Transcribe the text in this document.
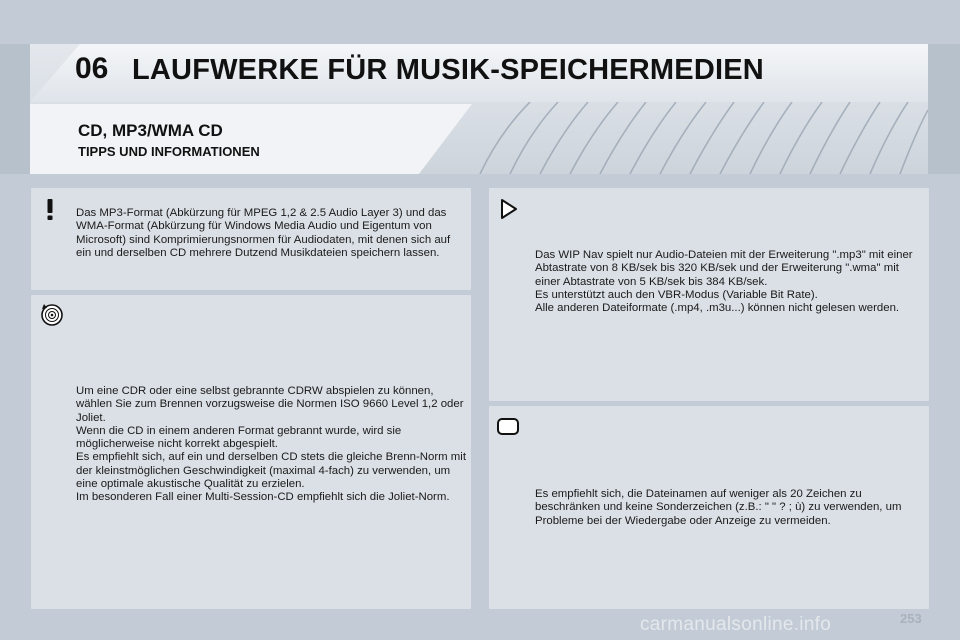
06 LAUFWERKE FÜR MUSIK-SPEICHERMEDIEN
CD, MP3/WMA CD
TIPPS UND INFORMATIONEN

Das MP3-Format (Abkürzung für MPEG 1,2 & 2.5 Audio Layer 3) und das WMA-Format (Abkürzung für Windows Media Audio und Eigentum von Microsoft) sind Komprimierungsnormen für Audiodaten, mit denen sich auf ein und derselben CD mehrere Dutzend Musikdateien speichern lassen.

Um eine CDR oder eine selbst gebrannte CDRW abspielen zu können, wählen Sie zum Brennen vorzugsweise die Normen ISO 9660 Level 1,2 oder Joliet.
Wenn die CD in einem anderen Format gebrannt wurde, wird sie möglicherweise nicht korrekt abgespielt.
Es empfiehlt sich, auf ein und derselben CD stets die gleiche Brenn-Norm mit der kleinstmöglichen Geschwindigkeit (maximal 4-fach) zu verwenden, um eine optimale akustische Qualität zu erzielen.
Im besonderen Fall einer Multi-Session-CD empfiehlt sich die Joliet-Norm.

Das WIP Nav spielt nur Audio-Dateien mit der Erweiterung ".mp3" mit einer Abtastrate von 8 KB/sek bis 320 KB/sek und der Erweiterung ".wma" mit einer Abtastrate von 5 KB/sek bis 384 KB/sek.
Es unterstützt auch den VBR-Modus (Variable Bit Rate).
Alle anderen Dateiformate (.mp4, .m3u...) können nicht gelesen werden.

Es empfiehlt sich, die Dateinamen auf weniger als 20 Zeichen zu beschränken und keine Sonderzeichen (z.B.: " " ? ; ù) zu verwenden, um Probleme bei der Wiedergabe oder Anzeige zu vermeiden.

carmanualsonline.info	253
